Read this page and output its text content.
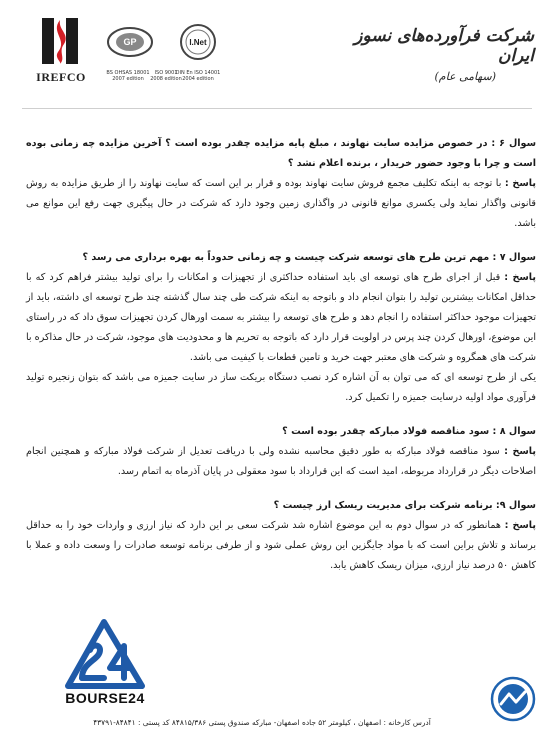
IREFCO
GP
BS OHSAS 18001
2007 edition
ISO 9001
2008 edition
I.Net
DIN En ISO 14001
2004 edition
شرکت فرآورده‌های نسوز ایران
(سهامی عام)

سوال ۶ : در خصوص مزایده سایت نهاوند ، مبلغ پایه مزایده چقدر بوده است ؟ آخرین مزایده چه زمانی بوده است و چرا با وجود حضور خریدار ، برنده اعلام نشد ؟

پاسخ : با توجه به اینکه تکلیف مجمع فروش سایت نهاوند بوده و قرار بر این است که سایت نهاوند را از طریق مزایده به روش قانونی واگذار نماید ولی یکسری موانع قانونی در واگذاری زمین وجود دارد که شرکت در حال پیگیری جهت رفع این موانع می باشد.

سوال ۷ : مهم ترین طرح های توسعه شرکت چیست و چه زمانی حدوداً به بهره برداری می رسد ؟

پاسخ : قبل از اجرای طرح های توسعه ای باید استفاده حداکثری از تجهیزات و امکانات را برای تولید بیشتر فراهم کرد که با حداقل امکانات بیشترین تولید را بتوان انجام داد و باتوجه به اینکه شرکت طی چند سال گذشته چند طرح توسعه ای داشته، باید از تجهیزات موجود حداکثر استفاده را انجام دهد و طرح های توسعه را بیشتر به سمت اورهال کردن تجهیزات سوق داد که در راستای این موضوع، اورهال کردن چند پرس در اولویت قرار دارد که باتوجه به تحریم ها و محدودیت های موجود، شرکت در حال مذاکره با شرکت های همگروه و شرکت های معتبر جهت خرید و تامین قطعات با کیفیت می باشد.

یکی از طرح توسعه ای که می توان به آن اشاره کرد نصب دستگاه بریکت ساز در سایت جمیزه می باشد که بتوان زنجیره تولید فرآوری مواد اولیه درسایت جمیزه را تکمیل کرد.

سوال ۸ : سود مناقصه فولاد مبارکه چقدر بوده است ؟

پاسخ : سود مناقصه فولاد مبارکه به طور دقیق محاسبه نشده ولی با دریافت تعدیل از شرکت فولاد مبارکه و همچنین انجام اصلاحات دیگر در قرارداد مربوطه، امید است که این قرارداد با سود معقولی در پایان آذرماه به اتمام رسد.

سوال ۹: برنامه شرکت برای مدیریت ریسک ارز چیست ؟

پاسخ : همانطور که در سوال دوم به این موضوع اشاره شد شرکت سعی بر این دارد که نیاز ارزی و واردات خود را به حداقل برساند و تلاش براین است که با مواد جایگزین این روش عملی شود و از طرفی برنامه توسعه صادرات را وسعت داده و عملا با کاهش ۵۰ درصد نیاز ارزی، میزان ریسک کاهش یابد.

BOURSE24
آدرس کارخانه : اصفهان ، کیلومتر ۵۲ جاده اصفهان- مبارکه صندوق پستی ۸۴۸۱۵/۳۸۶ کد پستی : ۸۴۸۴۱-۴۳۷۹۱
